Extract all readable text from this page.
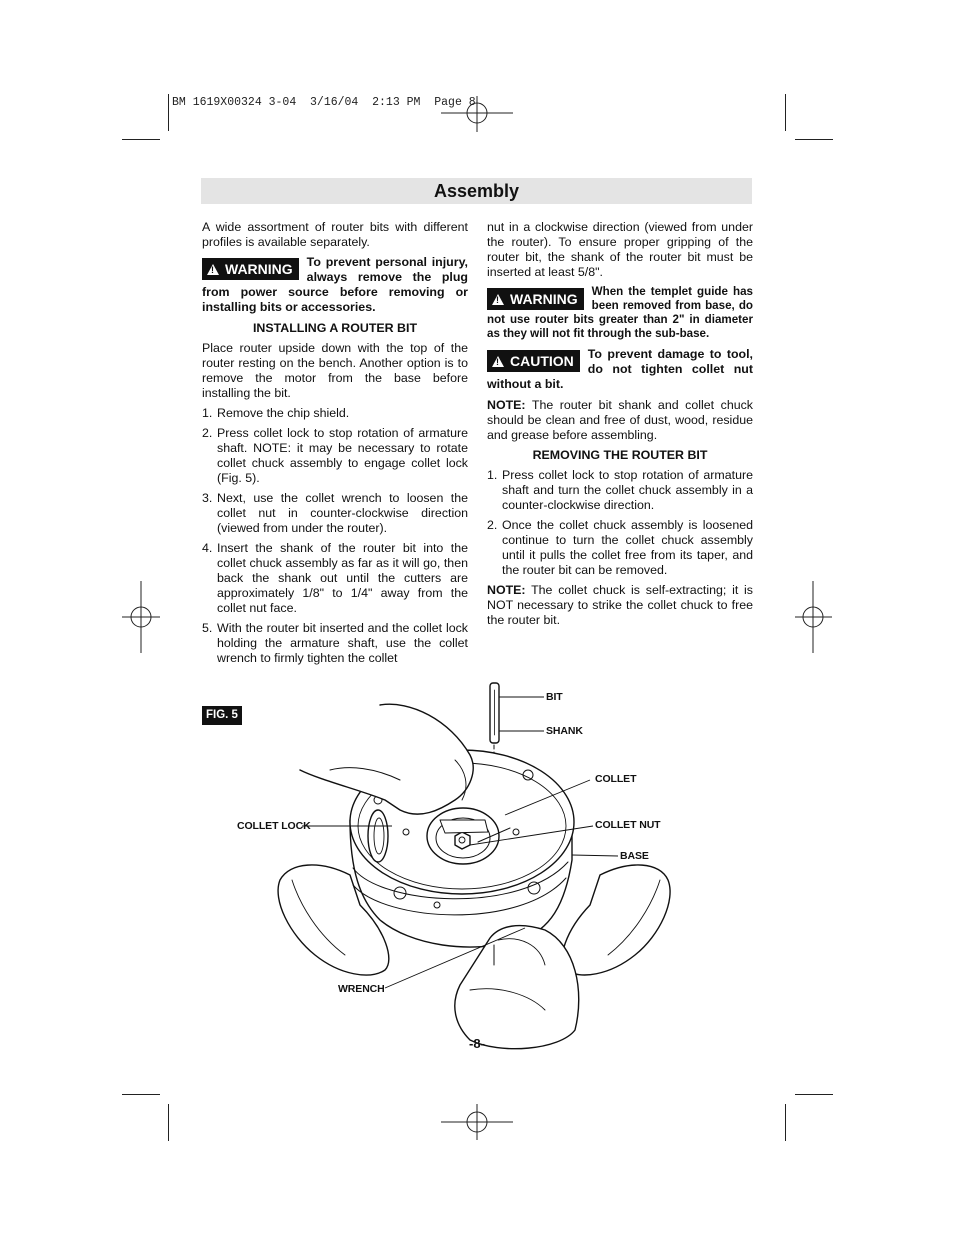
BM 1619X00324 3-04  3/16/04  2:13 PM  Page 8
Assembly

A wide assortment of router bits with different profiles is available separately.

!WARNING	To prevent personal injury, always remove the plug from power source before removing or installing bits or accessories.

INSTALLING A ROUTER BIT

Place router upside down with the top of the router resting on the bench. Another option is to remove the motor from the base before installing the bit.

1. Remove the chip shield.
2. Press collet lock to stop rotation of armature shaft. NOTE: it may be necessary to rotate collet chuck assembly to engage collet lock (Fig. 5).
3. Next, use the collet wrench to loosen the collet nut in counter-clockwise direction (viewed from under the router).
4. Insert the shank of the router bit into the collet chuck assembly as far as it will go, then back the shank out until the cutters are approximately 1/8" to 1/4" away from the collet nut face.
5. With the router bit inserted and the collet lock holding the armature shaft, use the collet wrench to firmly tighten the collet

nut in a clockwise direction (viewed from under the router). To ensure proper gripping of the router bit, the shank of the router bit must be inserted at least 5/8".

!WARNING	When the templet guide has been removed from base, do not use router bits greater than 2" in diameter as they will not fit through the sub-base.
!CAUTION	To prevent damage to tool, do not tighten collet nut without a bit.

NOTE: The router bit shank and collet chuck should be clean and free of dust, wood, residue and grease before assembling.

REMOVING THE ROUTER BIT

1. Press collet lock to stop rotation of armature shaft and turn the collet chuck assembly in a counter-clockwise direction.
2. Once the collet chuck assembly is loosened continue to turn the collet chuck assembly until it pulls the collet free from its taper, and the router bit can be removed.

NOTE: The collet chuck is self-extracting; it is NOT necessary to strike the collet chuck to free the router bit.

FIG. 5
BIT
SHANK
COLLET
COLLET LOCK	COLLET NUT
BASE
WRENCH
-8-
